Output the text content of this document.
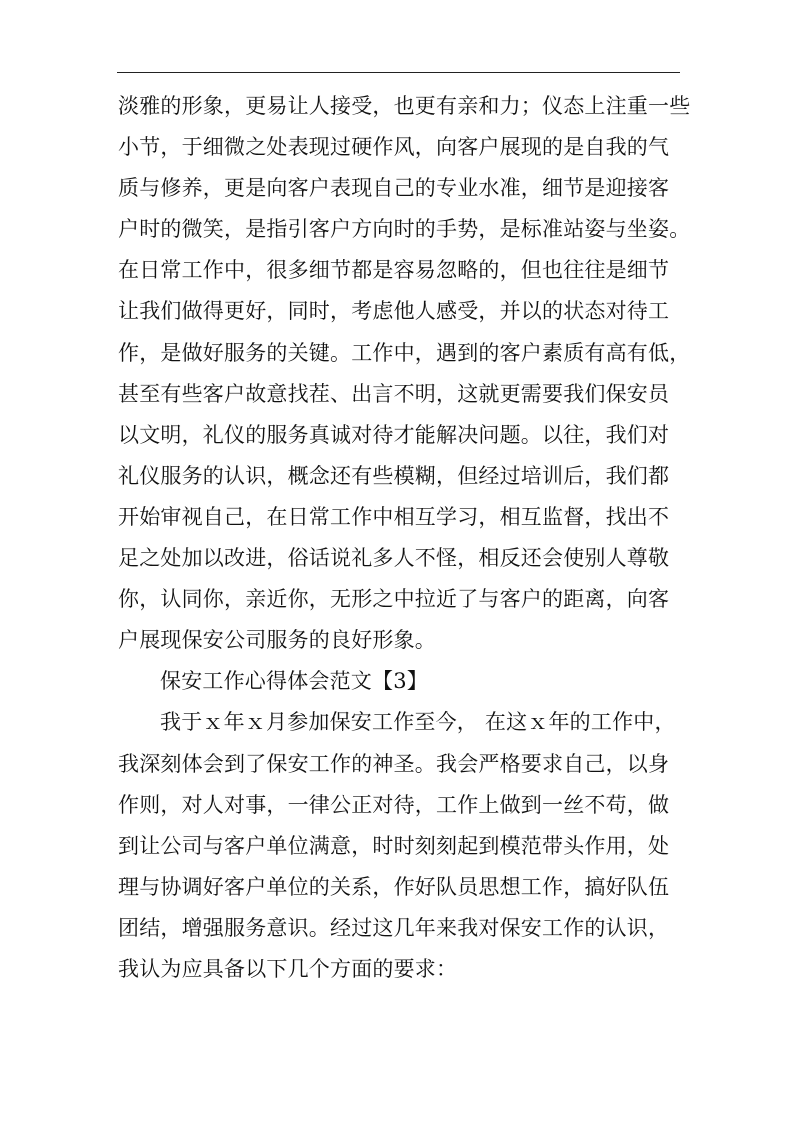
淡雅的形象，更易让人接受，也更有亲和力；仪态上注重一些
小节，于细微之处表现过硬作风，向客户展现的是自我的气
质与修养，更是向客户表现自己的专业水准，细节是迎接客
户时的微笑，是指引客户方向时的手势，是标准站姿与坐姿。
在日常工作中，很多细节都是容易忽略的，但也往往是细节
让我们做得更好，同时，考虑他人感受，并以的状态对待工
作，是做好服务的关键。工作中，遇到的客户素质有高有低，
甚至有些客户故意找茬、出言不明，这就更需要我们保安员
以文明，礼仪的服务真诚对待才能解决问题。以往，我们对
礼仪服务的认识，概念还有些模糊，但经过培训后，我们都
开始审视自己，在日常工作中相互学习，相互监督，找出不
足之处加以改进，俗话说礼多人不怪，相反还会使别人尊敬
你，认同你，亲近你，无形之中拉近了与客户的距离，向客
户展现保安公司服务的良好形象。
保安工作心得体会范文【3】
我于ｘ年ｘ月参加保安工作至今， 在这ｘ年的工作中，
我深刻体会到了保安工作的神圣。我会严格要求自己，以身
作则，对人对事，一律公正对待，工作上做到一丝不苟，做
到让公司与客户单位满意，时时刻刻起到模范带头作用，处
理与协调好客户单位的关系，作好队员思想工作，搞好队伍
团结，增强服务意识。经过这几年来我对保安工作的认识，
我认为应具备以下几个方面的要求：
